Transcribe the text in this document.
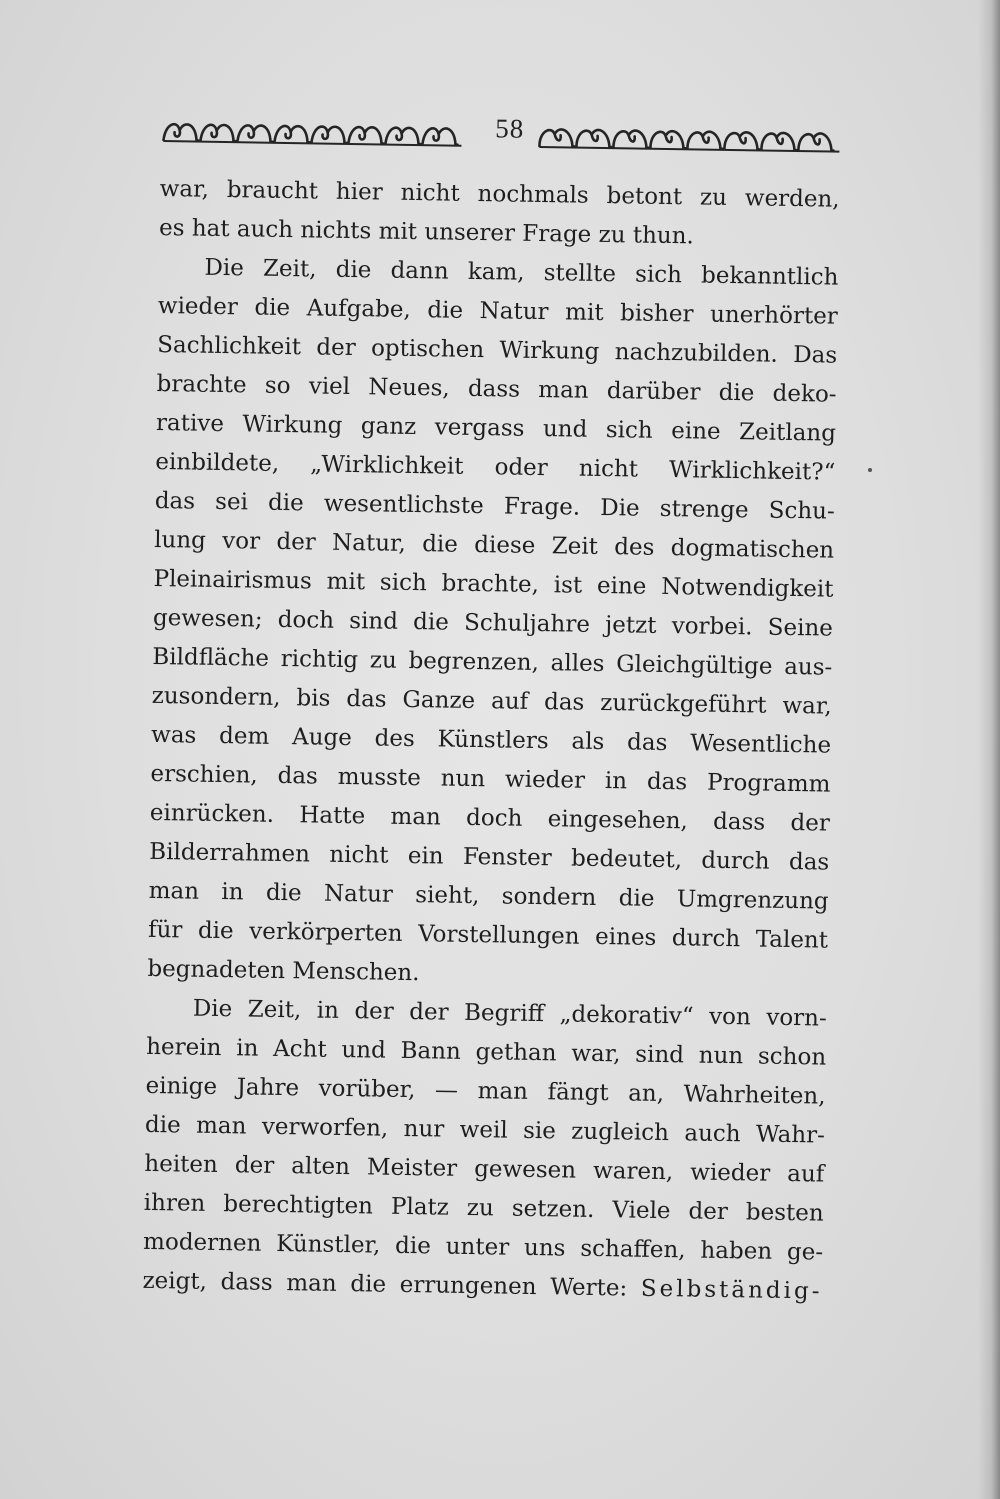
58
war, braucht hier nicht nochmals betont zu werden,
es hat auch nichts mit unserer Frage zu thun.
Die Zeit, die dann kam, stellte sich bekanntlich
wieder die Aufgabe, die Natur mit bisher unerhörter
Sachlichkeit der optischen Wirkung nachzubilden. Das
brachte so viel Neues, dass man darüber die deko-
rative Wirkung ganz vergass und sich eine Zeitlang
einbildete, „Wirklichkeit oder nicht Wirklichkeit?“
das sei die wesentlichste Frage. Die strenge Schu-
lung vor der Natur, die diese Zeit des dogmatischen
Pleinairismus mit sich brachte, ist eine Notwendigkeit
gewesen; doch sind die Schuljahre jetzt vorbei. Seine
Bildfläche richtig zu begrenzen, alles Gleichgültige aus-
zusondern, bis das Ganze auf das zurückgeführt war,
was dem Auge des Künstlers als das Wesentliche
erschien, das musste nun wieder in das Programm
einrücken. Hatte man doch eingesehen, dass der
Bilderrahmen nicht ein Fenster bedeutet, durch das
man in die Natur sieht, sondern die Umgrenzung
für die verkörperten Vorstellungen eines durch Talent
begnadeten Menschen.
Die Zeit, in der der Begriff „dekorativ“ von vorn-
herein in Acht und Bann gethan war, sind nun schon
einige Jahre vorüber, — man fängt an, Wahrheiten,
die man verworfen, nur weil sie zugleich auch Wahr-
heiten der alten Meister gewesen waren, wieder auf
ihren berechtigten Platz zu setzen. Viele der besten
modernen Künstler, die unter uns schaffen, haben ge-
zeigt, dass man die errungenen Werte: Selbständig-
